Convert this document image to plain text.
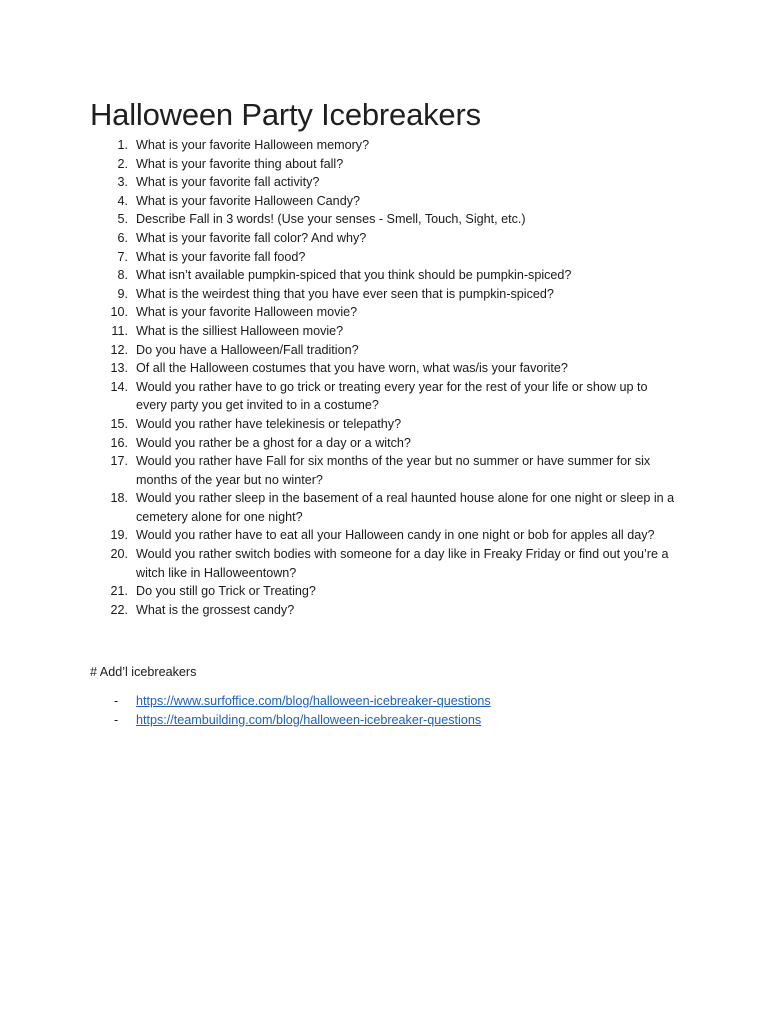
Halloween Party Icebreakers
1. What is your favorite Halloween memory?
2. What is your favorite thing about fall?
3. What is your favorite fall activity?
4. What is your favorite Halloween Candy?
5. Describe Fall in 3 words! (Use your senses - Smell, Touch, Sight, etc.)
6. What is your favorite fall color? And why?
7. What is your favorite fall food?
8. What isn’t available pumpkin-spiced that you think should be pumpkin-spiced?
9. What is the weirdest thing that you have ever seen that is pumpkin-spiced?
10. What is your favorite Halloween movie?
11. What is the silliest Halloween movie?
12. Do you have a Halloween/Fall tradition?
13. Of all the Halloween costumes that you have worn, what was/is your favorite?
14. Would you rather have to go trick or treating every year for the rest of your life or show up to every party you get invited to in a costume?
15. Would you rather have telekinesis or telepathy?
16. Would you rather be a ghost for a day or a witch?
17. Would you rather have Fall for six months of the year but no summer or have summer for six months of the year but no winter?
18. Would you rather sleep in the basement of a real haunted house alone for one night or sleep in a cemetery alone for one night?
19. Would you rather have to eat all your Halloween candy in one night or bob for apples all day?
20. Would you rather switch bodies with someone for a day like in Freaky Friday or find out you’re a witch like in Halloweentown?
21. Do you still go Trick or Treating?
22. What is the grossest candy?

# Add’l icebreakers

- https://www.surfoffice.com/blog/halloween-icebreaker-questions
- https://teambuilding.com/blog/halloween-icebreaker-questions
